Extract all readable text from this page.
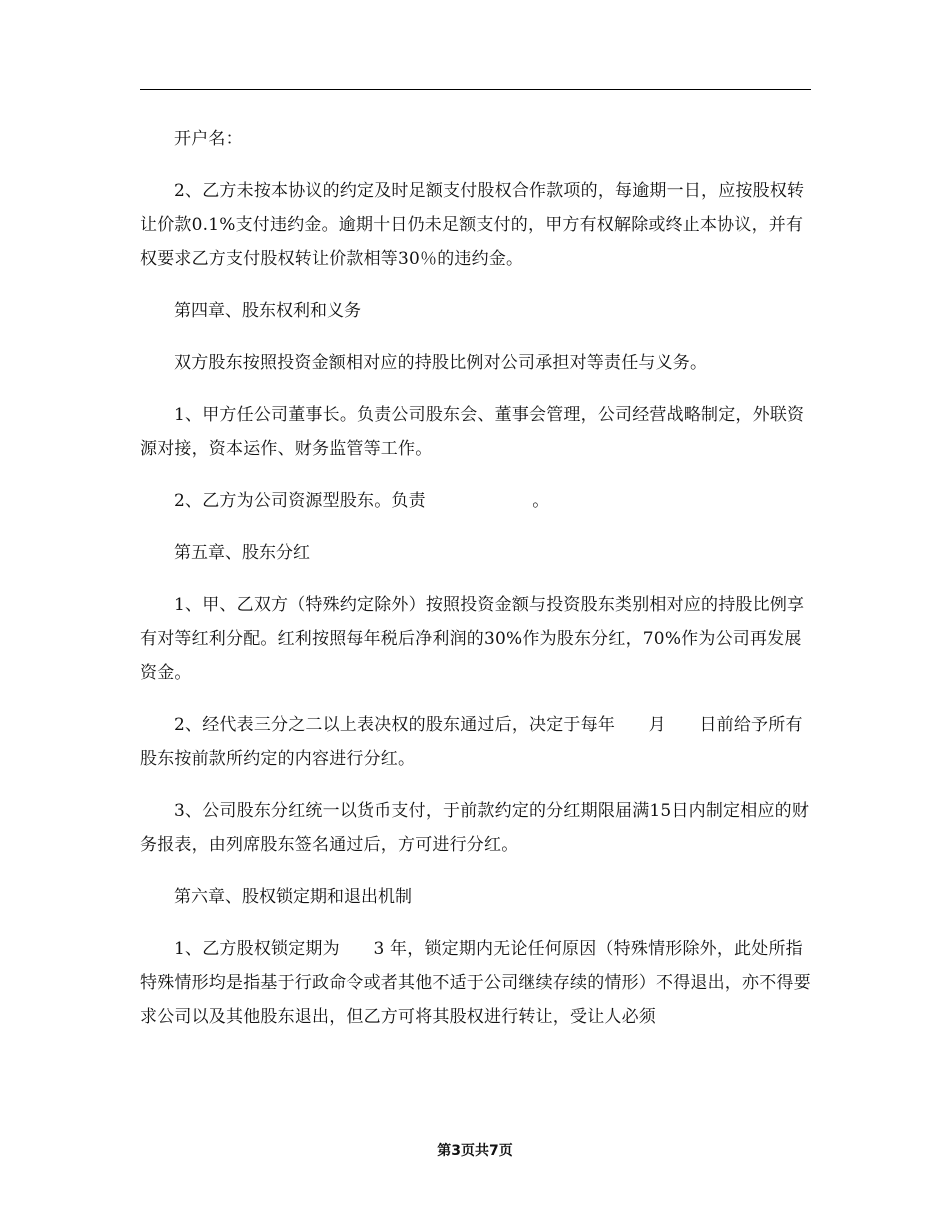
开户名：

2、乙方未按本协议的约定及时足额支付股权合作款项的，每逾期一日，应按股权转让价款0.1%支付违约金。逾期十日仍未足额支付的，甲方有权解除或终止本协议，并有权要求乙方支付股权转让价款相等30％的违约金。

第四章、股东权利和义务

双方股东按照投资金额相对应的持股比例对公司承担对等责任与义务。

1、甲方任公司董事长。负责公司股东会、董事会管理，公司经营战略制定，外联资源对接，资本运作、财务监管等工作。

2、乙方为公司资源型股东。负责                   。

第五章、股东分红

1、甲、乙双方（特殊约定除外）按照投资金额与投资股东类别相对应的持股比例享有对等红利分配。红利按照每年税后净利润的30%作为股东分红，70%作为公司再发展资金。

2、经代表三分之二以上表决权的股东通过后，决定于每年      月      日前给予所有股东按前款所约定的内容进行分红。

3、公司股东分红统一以货币支付，于前款约定的分红期限届满15日内制定相应的财务报表，由列席股东签名通过后，方可进行分红。

第六章、股权锁定期和退出机制

1、乙方股权锁定期为      3 年，锁定期内无论任何原因（特殊情形除外，此处所指特殊情形均是指基于行政命令或者其他不适于公司继续存续的情形）不得退出，亦不得要求公司以及其他股东退出，但乙方可将其股权进行转让，受让人必须

第3页共7页
